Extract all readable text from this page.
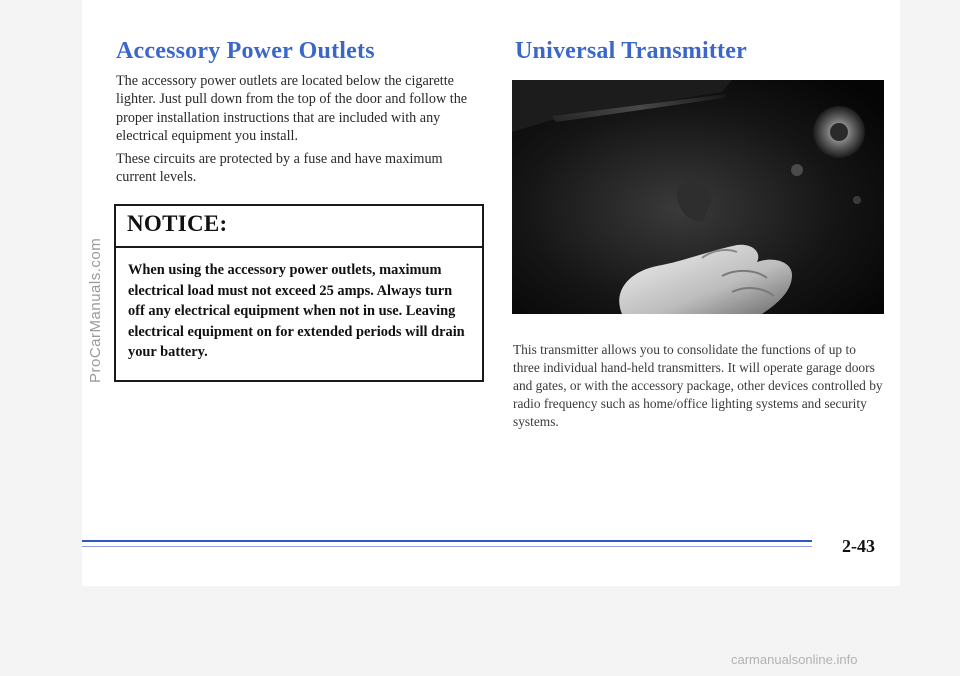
Accessory Power Outlets

The accessory power outlets are located below the cigarette lighter. Just pull down from the top of the door and follow the proper installation instructions that are included with any electrical equipment you install.

These circuits are protected by a fuse and have maximum current levels.

NOTICE:
When using the accessory power outlets, maximum electrical load must not exceed 25 amps. Always turn off any electrical equipment when not in use. Leaving electrical equipment on for extended periods will drain your battery.
Universal Transmitter

This transmitter allows you to consolidate the functions of up to three individual hand-held transmitters. It will operate garage doors and gates, or with the accessory package, other devices controlled by radio frequency such as home/office lighting systems and security systems.

2-43
ProCarManuals.com
carmanualsonline.info
